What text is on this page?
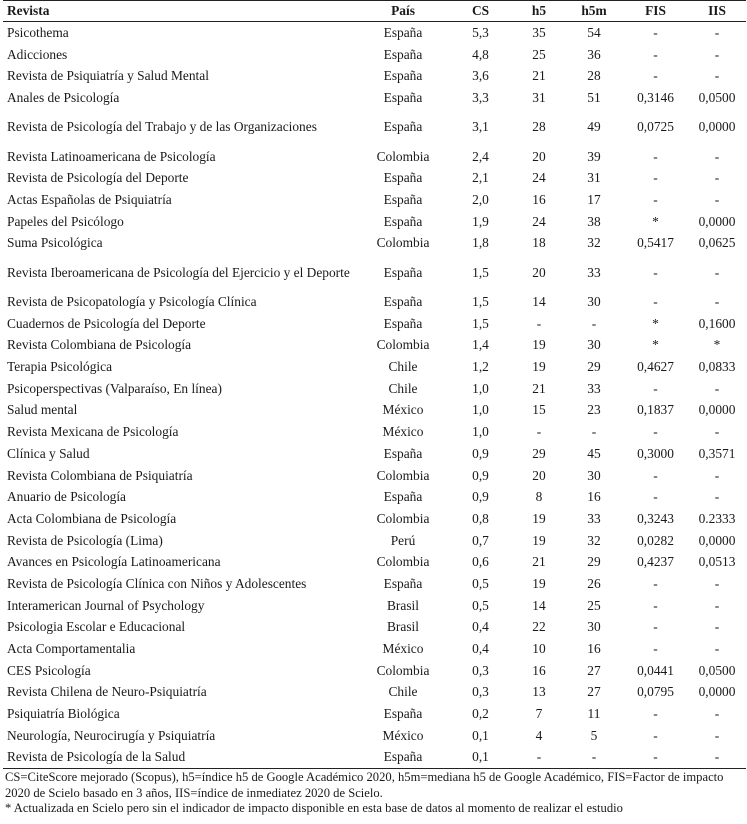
Revista	País	CS	h5	h5m	FIS	IIS
Psicothema	España	5,3	35	54	-	-
Adicciones	España	4,8	25	36	-	-
Revista de Psiquiatría y Salud Mental	España	3,6	21	28	-	-
Anales de Psicología	España	3,3	31	51	0,3146	0,0500
Revista de Psicología del Trabajo y de las Organizaciones	España	3,1	28	49	0,0725	0,0000
Revista Latinoamericana de Psicología	Colombia	2,4	20	39	-	-
Revista de Psicología del Deporte	España	2,1	24	31	-	-
Actas Españolas de Psiquiatría	España	2,0	16	17	-	-
Papeles del Psicólogo	España	1,9	24	38	*	0,0000
Suma Psicológica	Colombia	1,8	18	32	0,5417	0,0625
Revista Iberoamericana de Psicología del Ejercicio y el Deporte	España	1,5	20	33	-	-
Revista de Psicopatología y Psicología Clínica	España	1,5	14	30	-	-
Cuadernos de Psicología del Deporte	España	1,5	-	-	*	0,1600
Revista Colombiana de Psicología	Colombia	1,4	19	30	*	*
Terapia Psicológica	Chile	1,2	19	29	0,4627	0,0833
Psicoperspectivas (Valparaíso, En línea)	Chile	1,0	21	33	-	-
Salud mental	México	1,0	15	23	0,1837	0,0000
Revista Mexicana de Psicología	México	1,0	-	-	-	-
Clínica y Salud	España	0,9	29	45	0,3000	0,3571
Revista Colombiana de Psiquiatría	Colombia	0,9	20	30	-	-
Anuario de Psicología	España	0,9	8	16	-	-
Acta Colombiana de Psicología	Colombia	0,8	19	33	0,3243	0.2333
Revista de Psicología (Lima)	Perú	0,7	19	32	0,0282	0,0000
Avances en Psicología Latinoamericana	Colombia	0,6	21	29	0,4237	0,0513
Revista de Psicología Clínica con Niños y Adolescentes	España	0,5	19	26	-	-
Interamerican Journal of Psychology	Brasil	0,5	14	25	-	-
Psicologia Escolar e Educacional	Brasil	0,4	22	30	-	-
Acta Comportamentalia	México	0,4	10	16	-	-
CES Psicología	Colombia	0,3	16	27	0,0441	0,0500
Revista Chilena de Neuro-Psiquiatría	Chile	0,3	13	27	0,0795	0,0000
Psiquiatría Biológica	España	0,2	7	11	-	-
Neurología, Neurocirugía y Psiquiatría	México	0,1	4	5	-	-
Revista de Psicología de la Salud	España	0,1	-	-	-	-
CS=CiteScore mejorado (Scopus), h5=índice h5 de Google Académico 2020, h5m=mediana h5 de Google Académico, FIS=Factor de impacto 2020 de Scielo basado en 3 años, IIS=índice de inmediatez 2020 de Scielo.
* Actualizada en Scielo pero sin el indicador de impacto disponible en esta base de datos al momento de realizar el estudio
